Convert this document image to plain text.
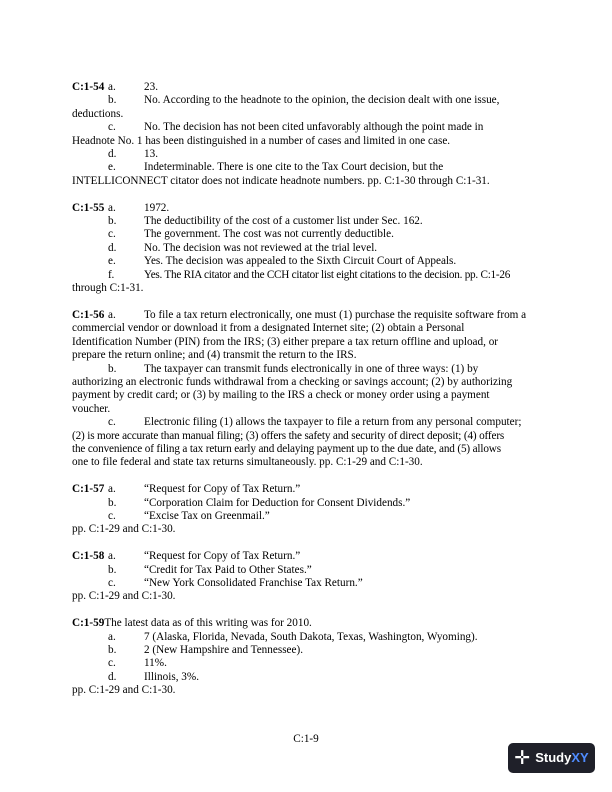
C:1-54 a.	23.

b. No. According to the headnote to the opinion, the decision dealt with one issue,

deductions.

c.	No. The decision has not been cited unfavorably although the point made in

Headnote No. 1 has been distinguished in a number of cases and limited in one case.

d. 13.

e.	Indeterminable. There is one cite to the Tax Court decision, but the

INTELLICONNECT citator does not indicate headnote numbers. pp. C:1-30 through C:1-31.

C:1-55 a.	1972.

b. The deductibility of the cost of a customer list under Sec. 162.

c.	The government. The cost was not currently deductible.

d. No. The decision was not reviewed at the trial level.

e.	Yes. The decision was appealed to the Sixth Circuit Court of Appeals.

f.	Yes. The RIA citator and the CCH citator list eight citations to the decision. pp. C:1-26

through C:1-31.

C:1-56 a.	To file a tax return electronically, one must (1) purchase the requisite software from a

commercial vendor or download it from a designated Internet site; (2) obtain a Personal

Identification Number (PIN) from the IRS; (3) either prepare a tax return offline and upload, or

prepare the return online; and (4) transmit the return to the IRS.

b. The taxpayer can transmit funds electronically in one of three ways: (1) by

authorizing an electronic funds withdrawal from a checking or savings account; (2) by authorizing

payment by credit card; or (3) by mailing to the IRS a check or money order using a payment

voucher.

c.	Electronic filing (1) allows the taxpayer to file a return from any personal computer;

(2) is more accurate than manual filing; (3) offers the safety and security of direct deposit; (4) offers

the convenience of filing a tax return early and delaying payment up to the due date, and (5) allows

one to file federal and state tax returns simultaneously. pp. C:1-29 and C:1-30.

C:1-57 a.	“Request for Copy of Tax Return.”

b. “Corporation Claim for Deduction for Consent Dividends.”

c.	“Excise Tax on Greenmail.”

pp. C:1-29 and C:1-30.

C:1-58 a.	“Request for Copy of Tax Return.”

b. “Credit for Tax Paid to Other States.”

c.	“New York Consolidated Franchise Tax Return.”

pp. C:1-29 and C:1-30.

C:1-59The latest data as of this writing was for 2010.

a.	7 (Alaska, Florida, Nevada, South Dakota, Texas, Washington, Wyoming).

b. 2 (New Hampshire and Tennessee).

c.	11%.

d. Illinois, 3%.

pp. C:1-29 and C:1-30.

C:1-9
✛ Study XY
